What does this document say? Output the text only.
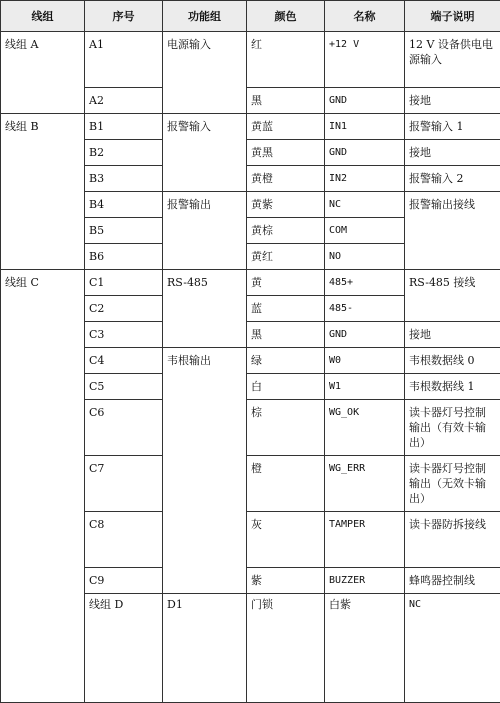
线组	序号	功能组	颜色	名称	端子说明	
线组 A	A1	电源输入	红	+12 V	12 V 设备供电电源输入	
	A2		黑	GND	接地	
线组 B	B1	报警输入	黄蓝	IN1	报警输入 1	
	B2		黄黑	GND	接地	
	B3		黄橙	IN2	报警输入 2	
	B4	报警输出	黄紫	NC	报警输出接线	
	B5		黄棕	COM		
	B6		黄红	NO		
线组 C	C1	RS-485	黄	485+	RS-485 接线	
	C2		蓝	485-		
	C3		黑	GND	接地	
	C4	韦根输出	绿	W0	韦根数据线 0	
	C5		白	W1	韦根数据线 1	
	C6		棕	WG_OK	读卡器灯号控制输出（有效卡输出）	
	C7		橙	WG_ERR	读卡器灯号控制输出（无效卡输出）	
	C8		灰	TAMPER	读卡器防拆接线	
	C9		紫	BUZZER	蜂鸣器控制线	
	线组 D	D1	门锁	白紫	NC	
